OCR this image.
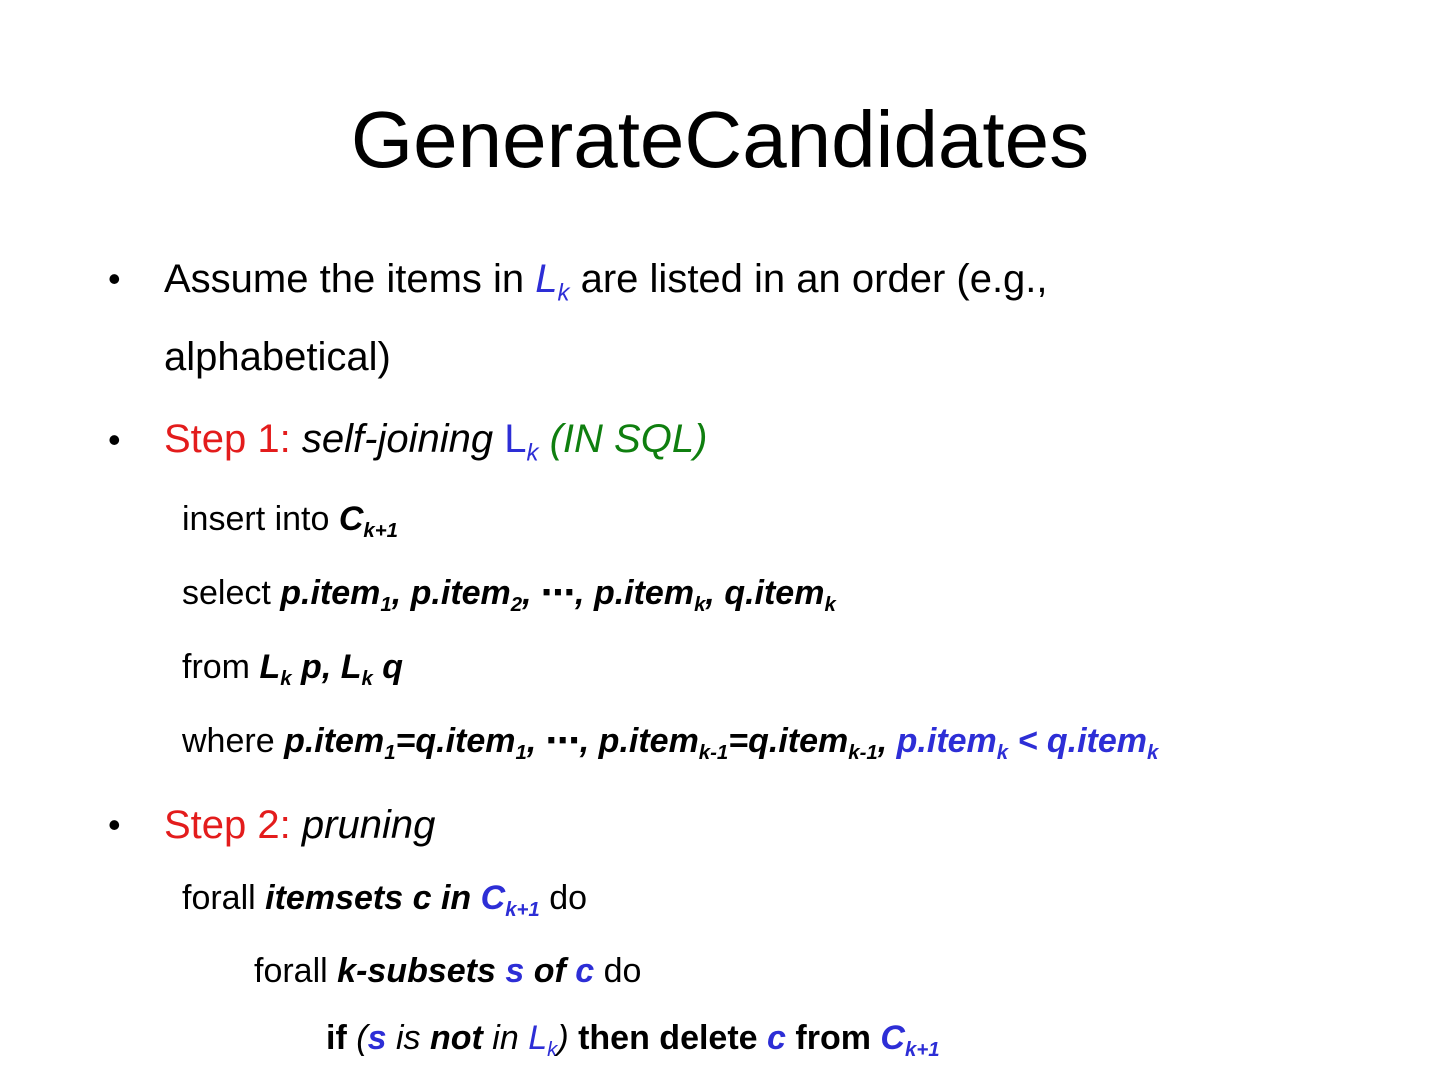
GenerateCandidates
• Assume the items in $L_k$ are listed in an order (e.g.,
alphabetical)
• Step 1: self-joining $L_k$ (IN SQL)
insert into $C_{k+1}$
select p.item$_1$, p.item$_2$, ⋯, p.item$_k$, q.item$_k$
from $L_k$ p, $L_k$ q
where p.item$_1$=q.item$_1$, ⋯, p.item$_{k-1}$=q.item$_{k-1}$, p.item$_k$ < q.item$_k$
• Step 2: pruning
forall itemsets c in $C_{k+1}$ do
forall k-subsets s of c do
if (s is not in $L_k$) then delete c from $C_{k+1}$
